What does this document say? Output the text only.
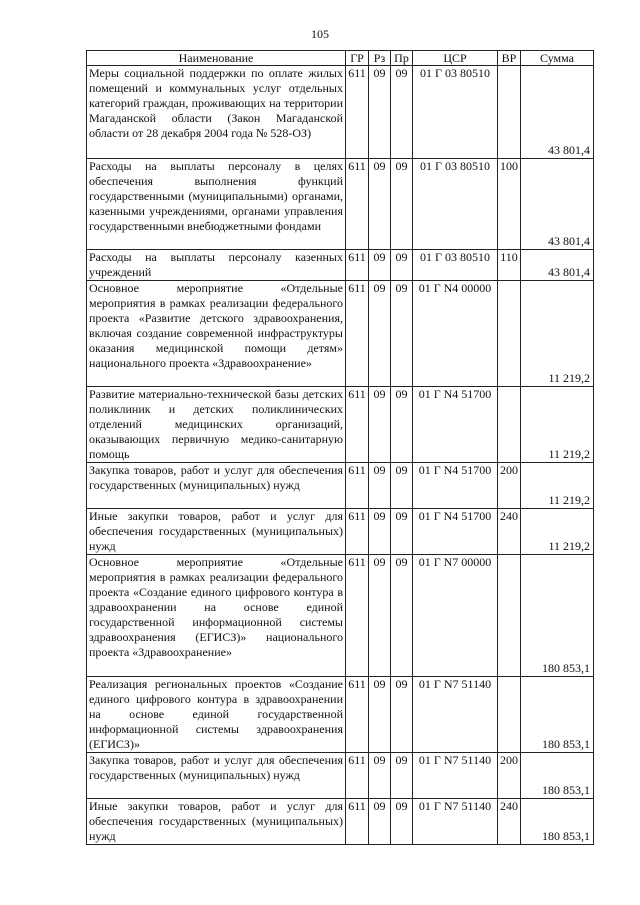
105
Наименование	ГР	Рз	Пр	ЦСР	ВР	Сумма
Меры социальной поддержки по оплате жилых помещений и коммунальных услуг отдельных категорий граждан, проживающих на территории Магаданской области (Закон Магаданской области от 28 декабря 2004 года № 528-ОЗ)	611	09	09	01 Г 03 80510		43 801,4
Расходы на выплаты персоналу в целях обеспечения выполнения функций государственными (муниципальными) органами, казенными учреждениями, органами управления государственными внебюджетными фондами	611	09	09	01 Г 03 80510	100	43 801,4
Расходы на выплаты персоналу казенных учреждений	611	09	09	01 Г 03 80510	110	43 801,4
Основное мероприятие «Отдельные мероприятия в рамках реализации федерального проекта «Развитие детского здравоохранения, включая создание современной инфраструктуры оказания медицинской помощи детям» национального проекта «Здравоохранение»	611	09	09	01 Г N4 00000		11 219,2
Развитие материально-технической базы детских поликлиник и детских поликлинических отделений медицинских организаций, оказывающих первичную медико-санитарную помощь	611	09	09	01 Г N4 51700		11 219,2
Закупка товаров, работ и услуг для обеспечения государственных (муниципальных) нужд	611	09	09	01 Г N4 51700	200	11 219,2
Иные закупки товаров, работ и услуг для обеспечения государственных (муниципальных) нужд	611	09	09	01 Г N4 51700	240	11 219,2
Основное мероприятие «Отдельные мероприятия в рамках реализации федерального проекта «Создание единого цифрового контура в здравоохранении на основе единой государственной информационной системы здравоохранения (ЕГИСЗ)» национального проекта «Здравоохранение»	611	09	09	01 Г N7 00000		180 853,1
Реализация региональных проектов «Создание единого цифрового контура в здравоохранении на основе единой государственной информационной системы здравоохранения (ЕГИСЗ)»	611	09	09	01 Г N7 51140		180 853,1
Закупка товаров, работ и услуг для обеспечения государственных (муниципальных) нужд	611	09	09	01 Г N7 51140	200	180 853,1
Иные закупки товаров, работ и услуг для обеспечения государственных (муниципальных) нужд	611	09	09	01 Г N7 51140	240	180 853,1
